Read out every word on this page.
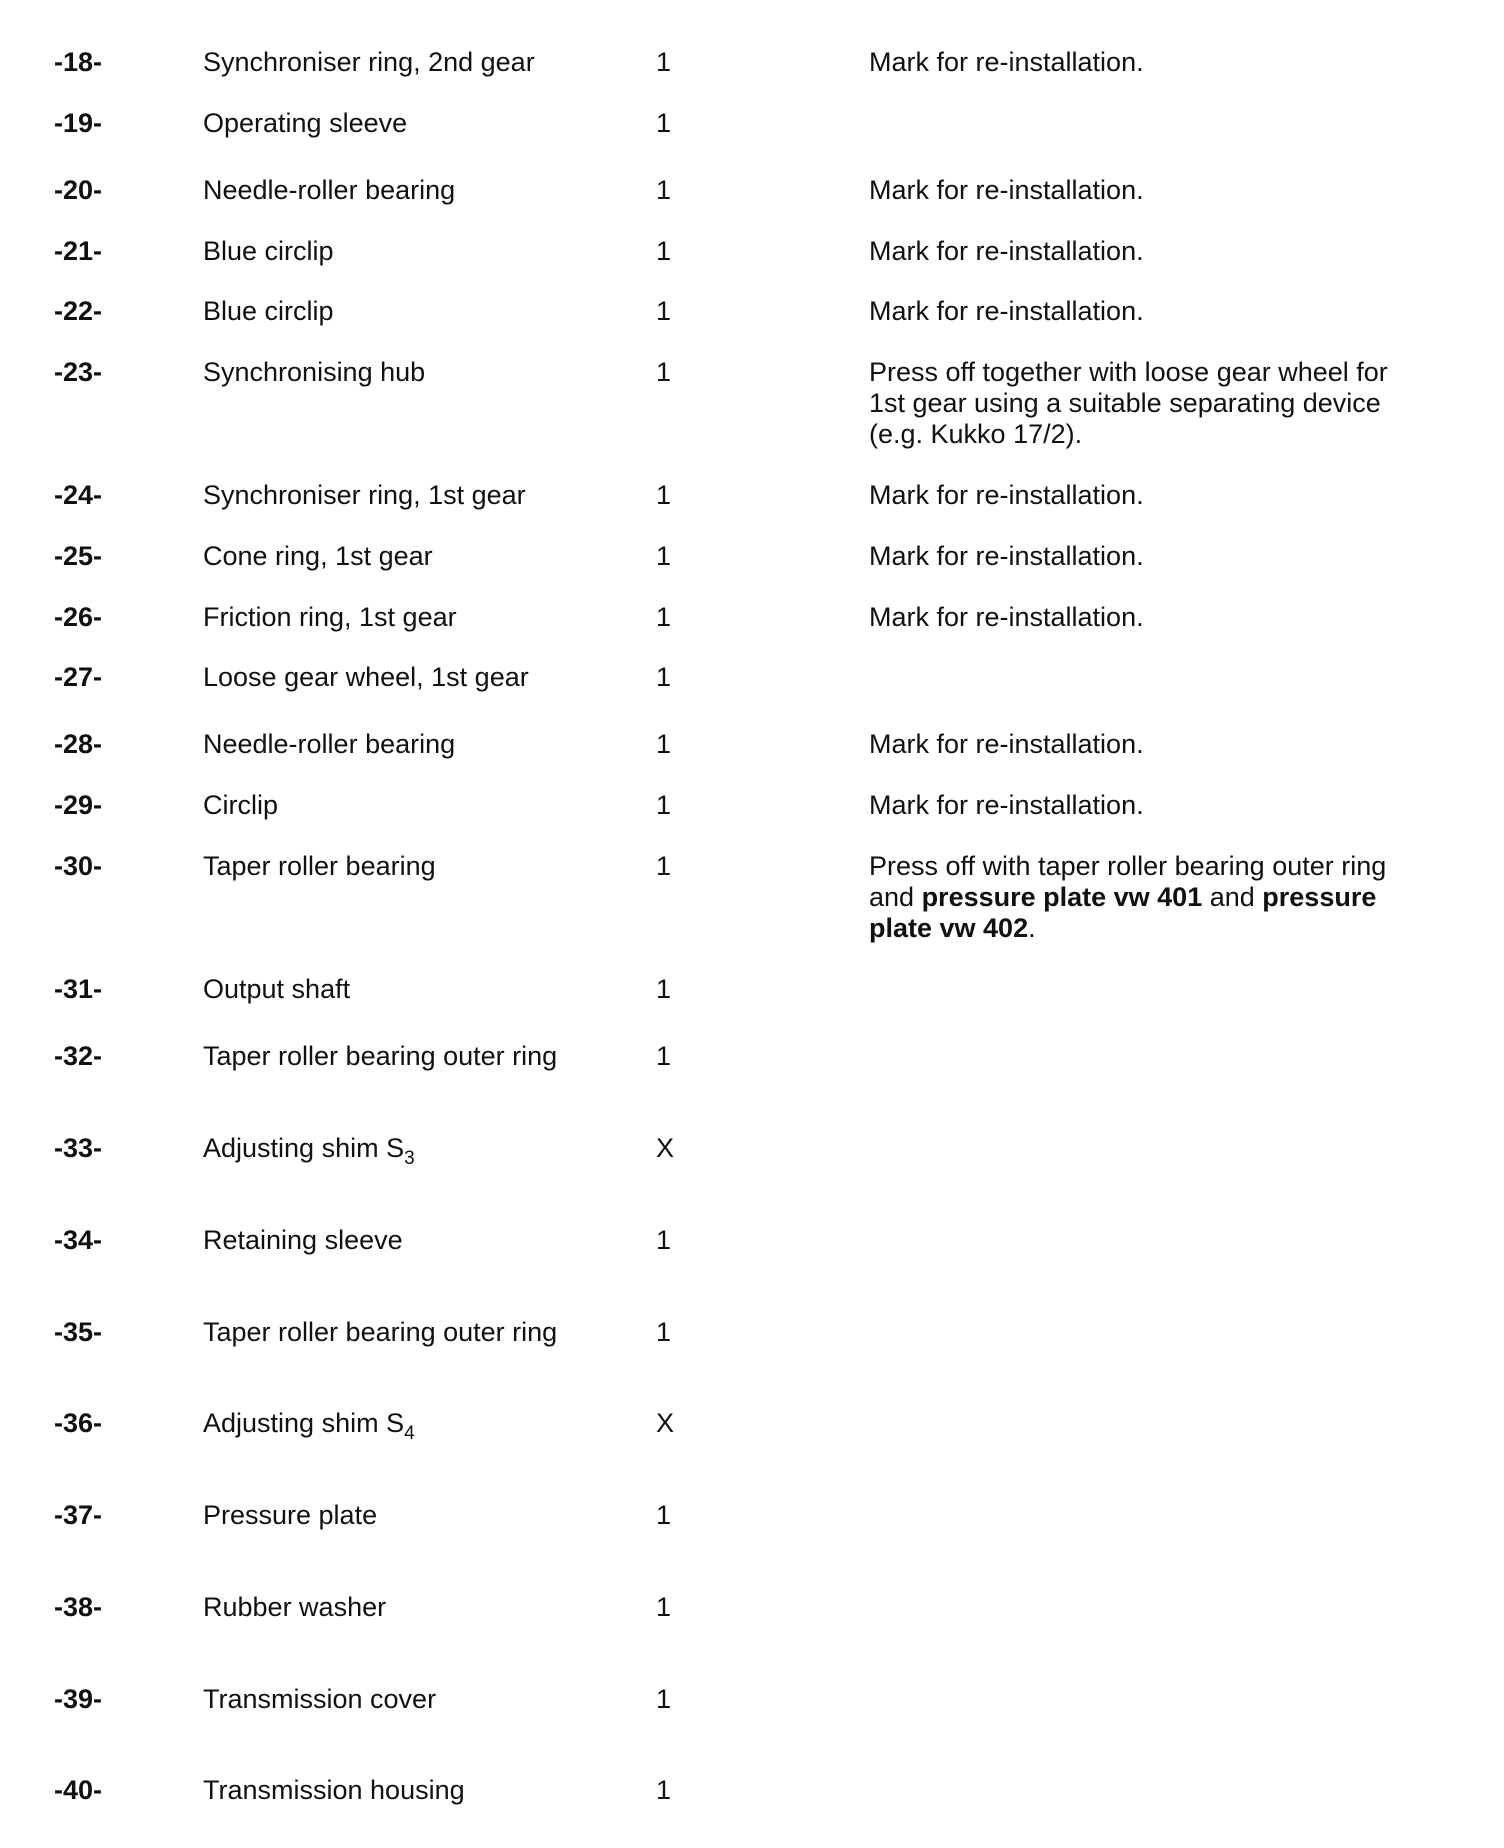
-18-	Synchroniser ring, 2nd gear	1	Mark for re-installation.
-19-	Operating sleeve	1
-20-	Needle-roller bearing	1	Mark for re-installation.
-21-	Blue circlip	1	Mark for re-installation.
-22-	Blue circlip	1	Mark for re-installation.
-23-	Synchronising hub	1	Press off together with loose gear wheel for 1st gear using a suitable separating device (e.g. Kukko 17/2).
-24-	Synchroniser ring, 1st gear	1	Mark for re-installation.
-25-	Cone ring, 1st gear	1	Mark for re-installation.
-26-	Friction ring, 1st gear	1	Mark for re-installation.
-27-	Loose gear wheel, 1st gear	1
-28-	Needle-roller bearing	1	Mark for re-installation.
-29-	Circlip	1	Mark for re-installation.
-30-	Taper roller bearing	1	Press off with taper roller bearing outer ring and pressure plate vw 401 and pressure plate vw 402.
-31-	Output shaft	1
-32-	Taper roller bearing outer ring	1
-33-	Adjusting shim $S_3$	X
-34-	Retaining sleeve	1
-35-	Taper roller bearing outer ring	1
-36-	Adjusting shim $S_4$	X
-37-	Pressure plate	1
-38-	Rubber washer	1
-39-	Transmission cover	1
-40-	Transmission housing	1
